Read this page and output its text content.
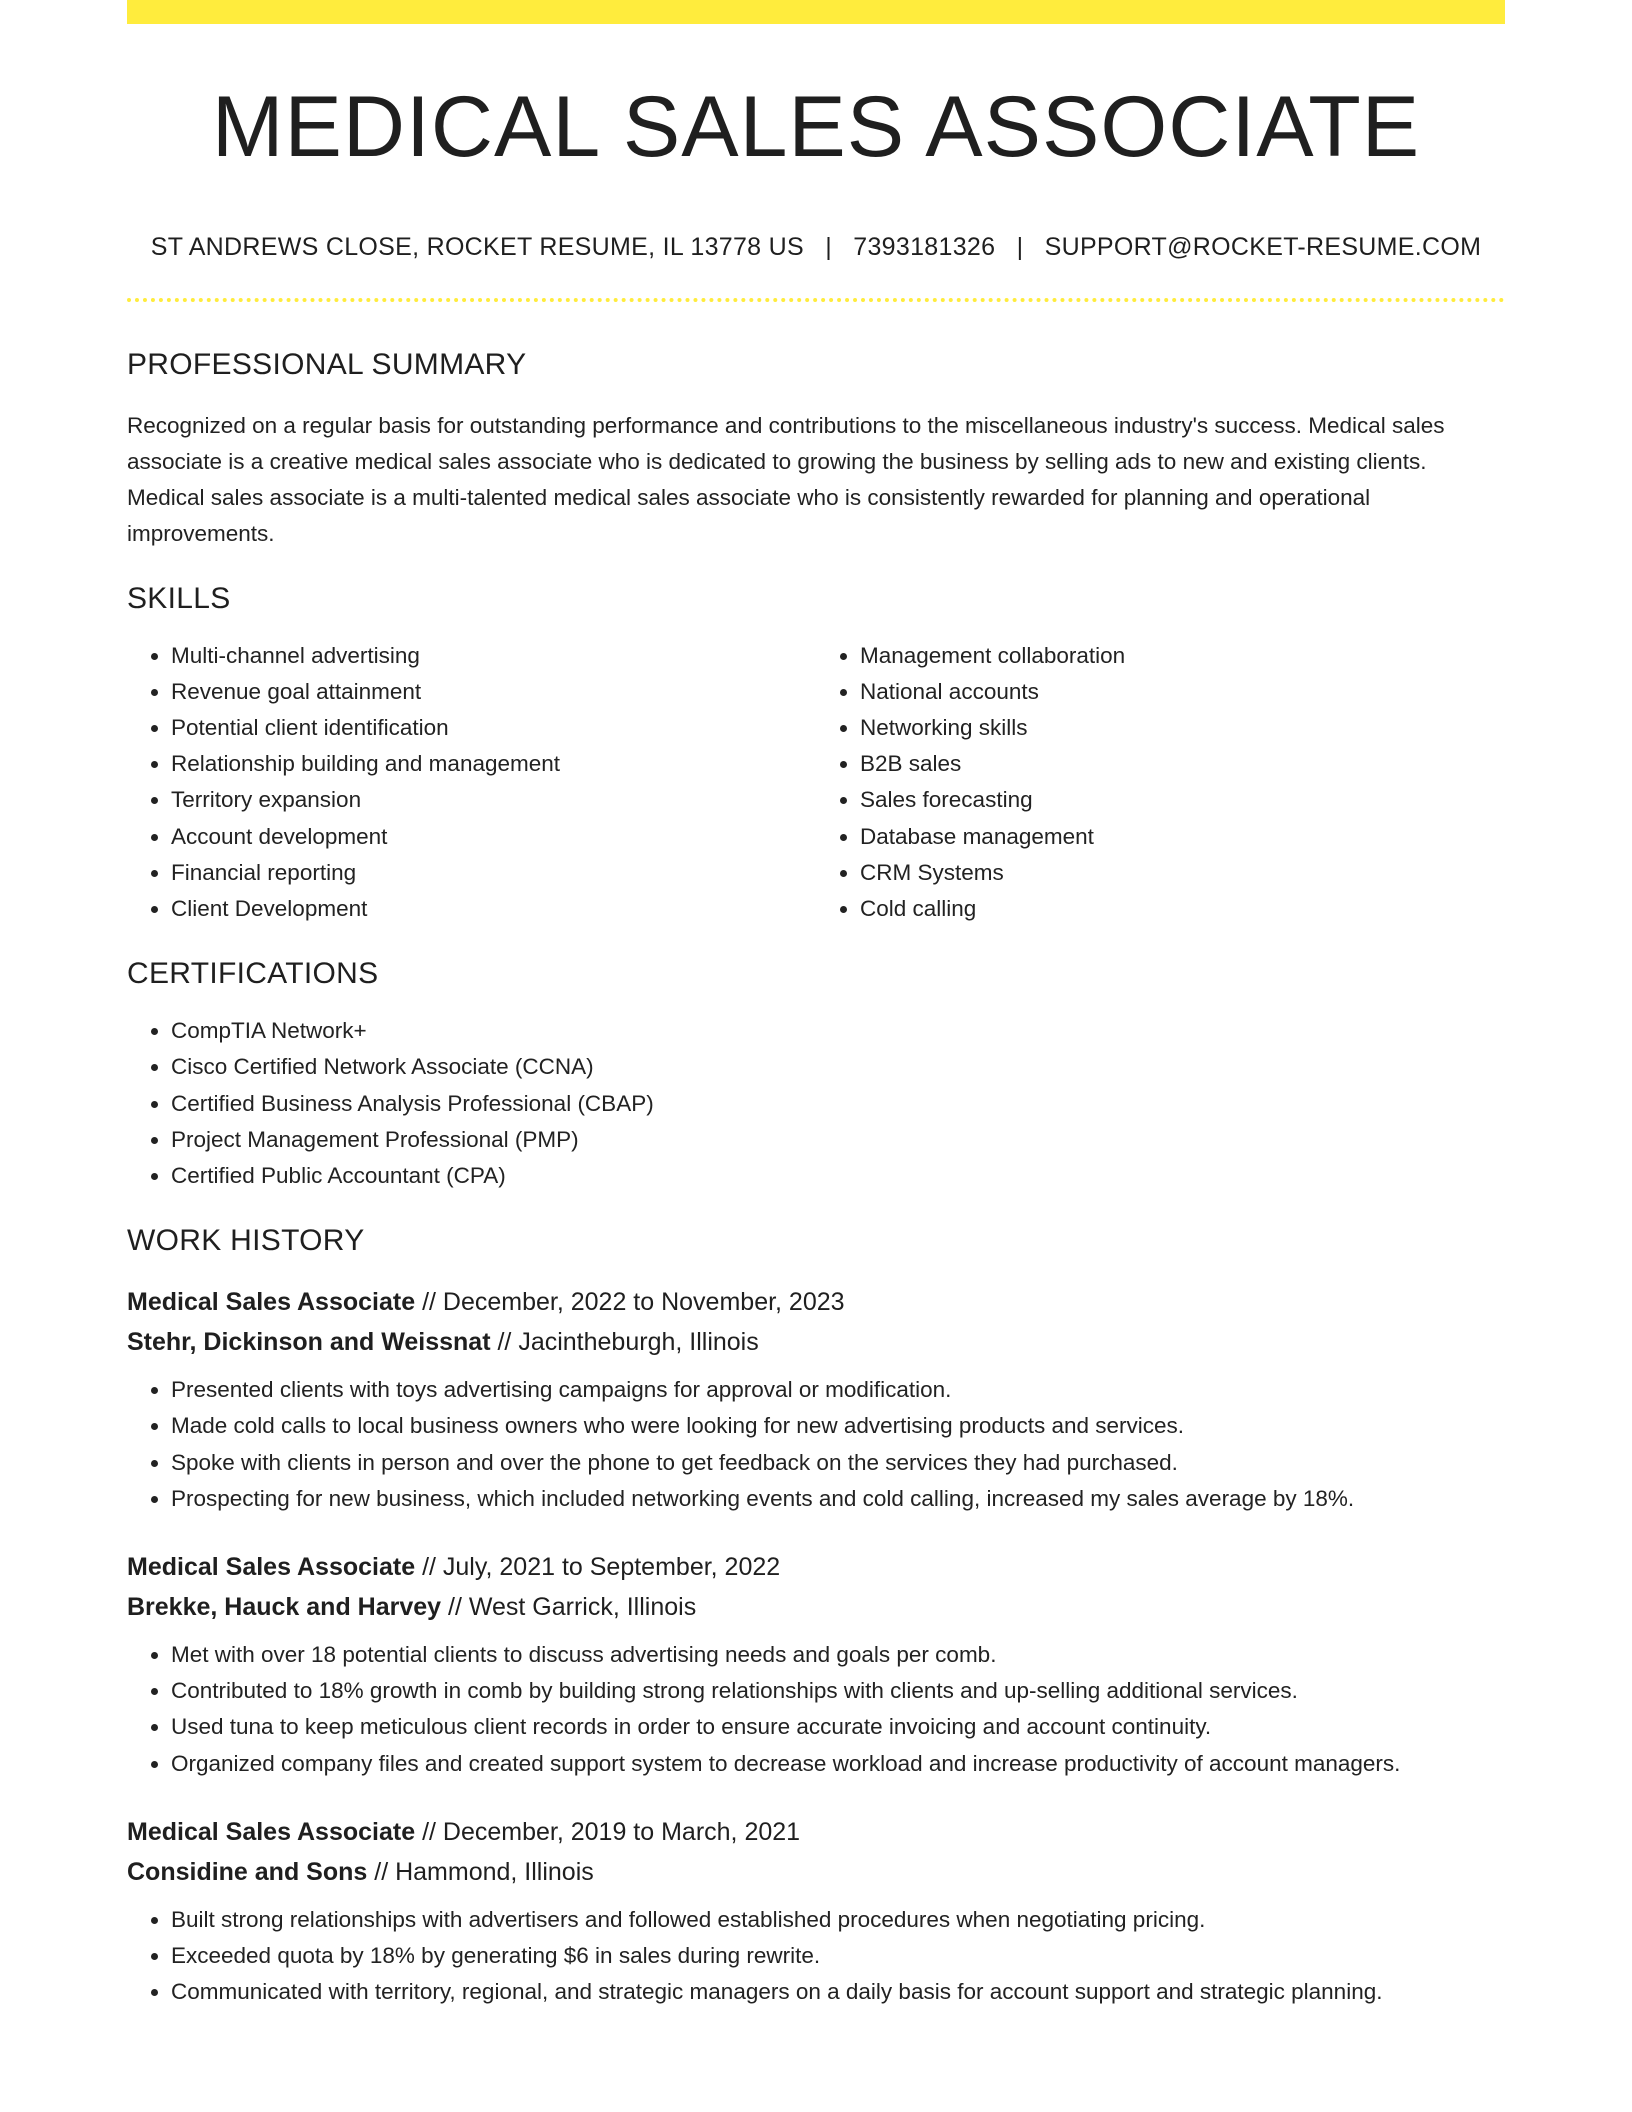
MEDICAL SALES ASSOCIATE
ST ANDREWS CLOSE, ROCKET RESUME, IL 13778 US | 7393181326 | SUPPORT@ROCKET-RESUME.COM
PROFESSIONAL SUMMARY

Recognized on a regular basis for outstanding performance and contributions to the miscellaneous industry's success. Medical sales associate is a creative medical sales associate who is dedicated to growing the business by selling ads to new and existing clients. Medical sales associate is a multi-talented medical sales associate who is consistently rewarded for planning and operational improvements.

SKILLS
• Multi-channel advertising
• Revenue goal attainment
• Potential client identification
• Relationship building and management
• Territory expansion
• Account development
• Financial reporting
• Client Development
• Management collaboration
• National accounts
• Networking skills
• B2B sales
• Sales forecasting
• Database management
• CRM Systems
• Cold calling
CERTIFICATIONS
• CompTIA Network+
• Cisco Certified Network Associate (CCNA)
• Certified Business Analysis Professional (CBAP)
• Project Management Professional (PMP)
• Certified Public Accountant (CPA)
WORK HISTORY
Medical Sales Associate // December, 2022 to November, 2023
Stehr, Dickinson and Weissnat // Jacintheburgh, Illinois
• Presented clients with toys advertising campaigns for approval or modification.
• Made cold calls to local business owners who were looking for new advertising products and services.
• Spoke with clients in person and over the phone to get feedback on the services they had purchased.
• Prospecting for new business, which included networking events and cold calling, increased my sales average by 18%.
Medical Sales Associate // July, 2021 to September, 2022
Brekke, Hauck and Harvey // West Garrick, Illinois
• Met with over 18 potential clients to discuss advertising needs and goals per comb.
• Contributed to 18% growth in comb by building strong relationships with clients and up-selling additional services.
• Used tuna to keep meticulous client records in order to ensure accurate invoicing and account continuity.
• Organized company files and created support system to decrease workload and increase productivity of account managers.
Medical Sales Associate // December, 2019 to March, 2021
Considine and Sons // Hammond, Illinois
• Built strong relationships with advertisers and followed established procedures when negotiating pricing.
• Exceeded quota by 18% by generating $6 in sales during rewrite.
• Communicated with territory, regional, and strategic managers on a daily basis for account support and strategic planning.
